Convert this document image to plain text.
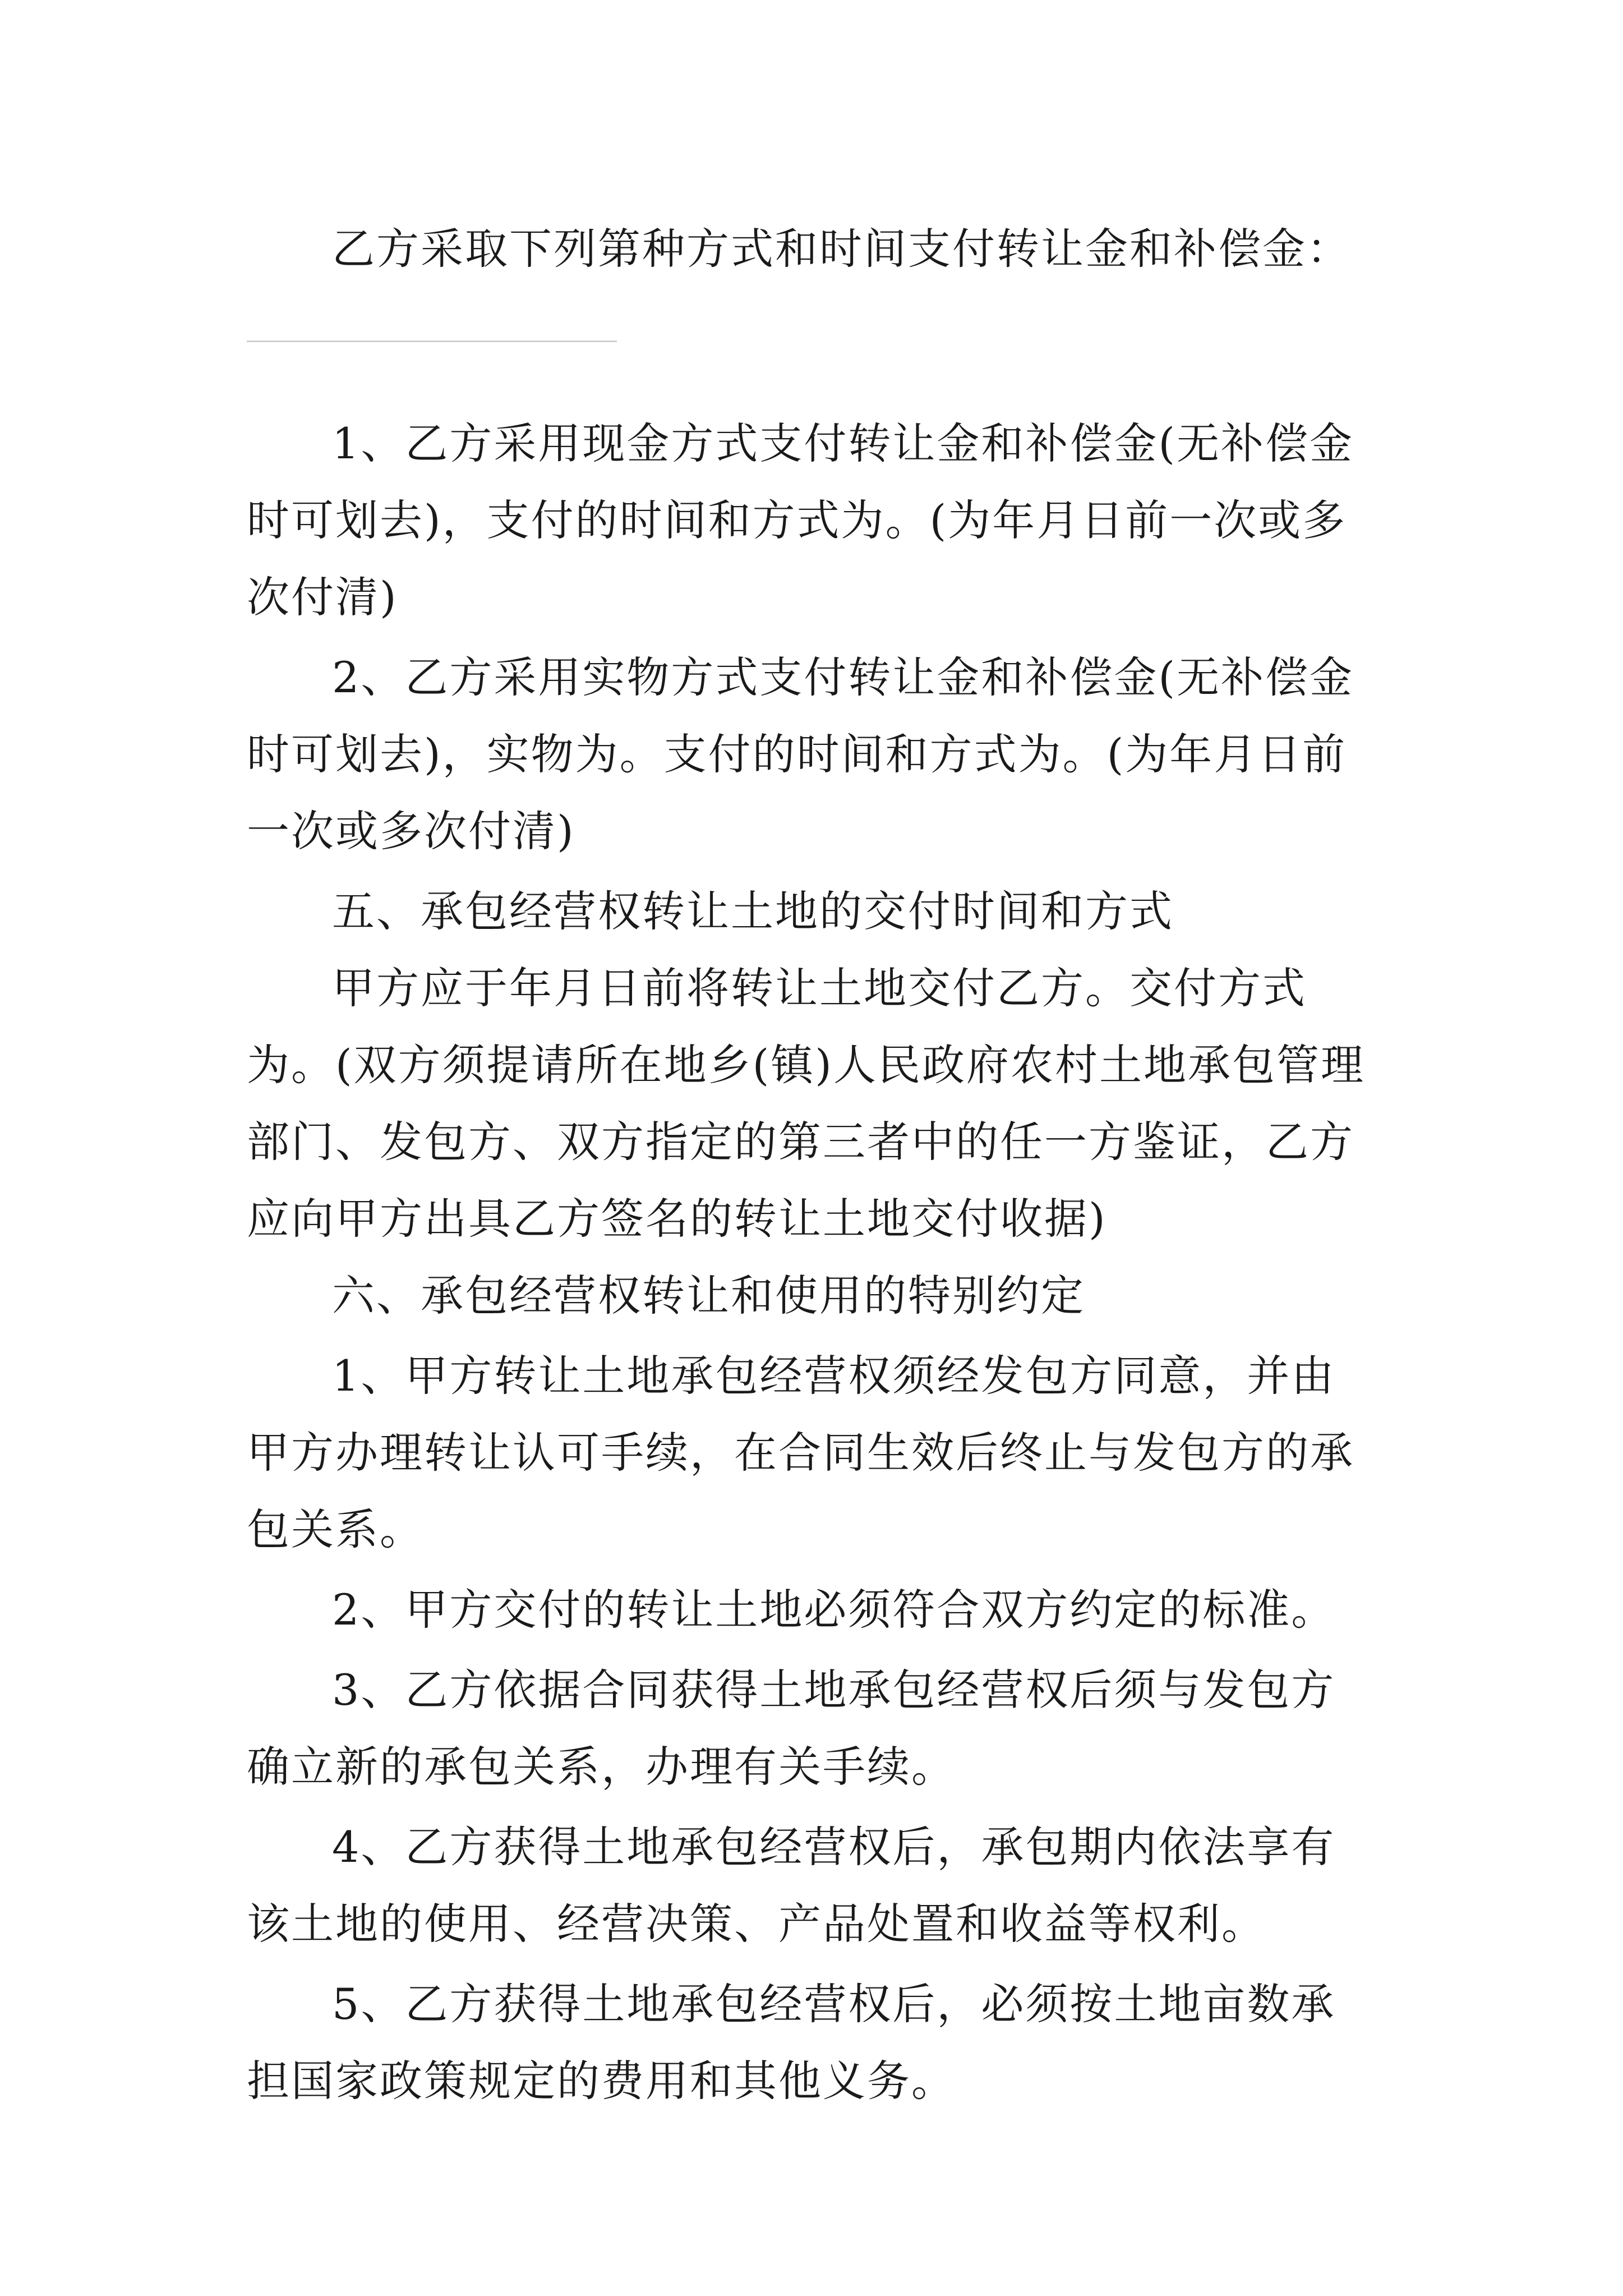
乙方采取下列第种方式和时间支付转让金和补偿金：

1、乙方采用现金方式支付转让金和补偿金(无补偿金时可划去)，支付的时间和方式为。(为年月日前一次或多次付清)

2、乙方采用实物方式支付转让金和补偿金(无补偿金时可划去)，实物为。支付的时间和方式为。(为年月日前一次或多次付清)

五、承包经营权转让土地的交付时间和方式

甲方应于年月日前将转让土地交付乙方。交付方式为。(双方须提请所在地乡(镇)人民政府农村土地承包管理部门、发包方、双方指定的第三者中的任一方鉴证，乙方应向甲方出具乙方签名的转让土地交付收据)

六、承包经营权转让和使用的特别约定

1、甲方转让土地承包经营权须经发包方同意，并由甲方办理转让认可手续，在合同生效后终止与发包方的承包关系。

2、甲方交付的转让土地必须符合双方约定的标准。

3、乙方依据合同获得土地承包经营权后须与发包方确立新的承包关系，办理有关手续。

4、乙方获得土地承包经营权后，承包期内依法享有该土地的使用、经营决策、产品处置和收益等权利。

5、乙方获得土地承包经营权后，必须按土地亩数承担国家政策规定的费用和其他义务。
